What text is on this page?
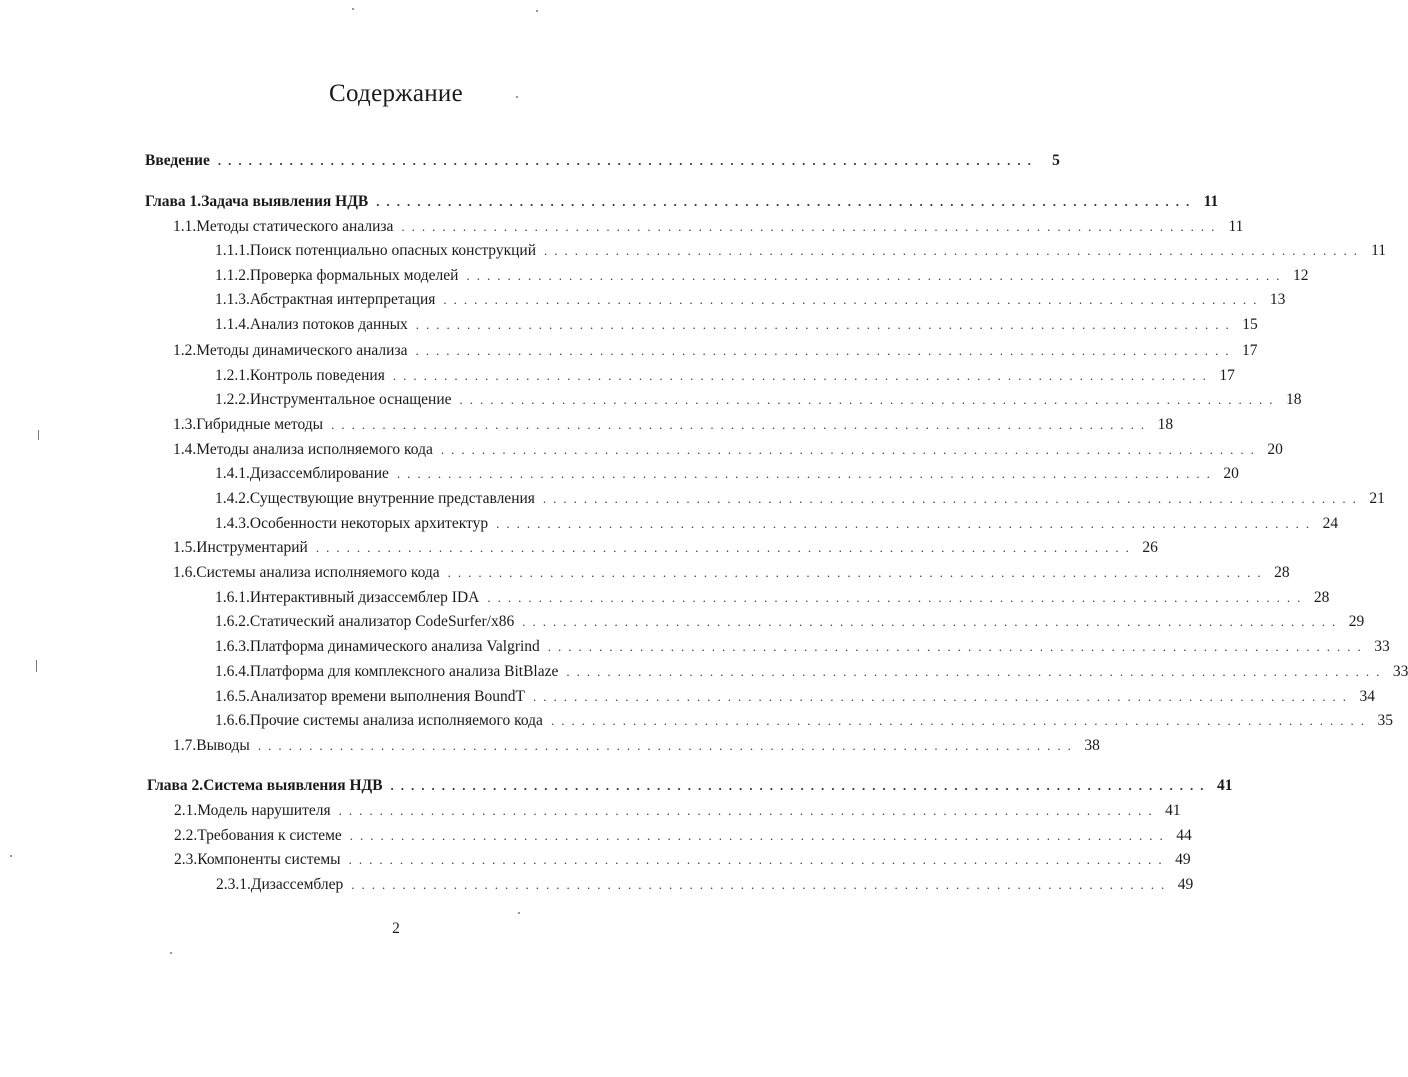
Содержание
Введение ................................................................................ 5
Глава 1. Задача выявления НДВ ................................................................................ 11
1.1. Методы статического анализа ................................................................................ 11
1.1.1. Поиск потенциально опасных конструкций ................................................................................ 11
1.1.2. Проверка формальных моделей ................................................................................ 12
1.1.3. Абстрактная интерпретация ................................................................................ 13
1.1.4. Анализ потоков данных ................................................................................ 15
1.2. Методы динамического анализа ................................................................................ 17
1.2.1. Контроль поведения ................................................................................ 17
1.2.2. Инструментальное оснащение ................................................................................ 18
1.3. Гибридные методы ................................................................................ 18
1.4. Методы анализа исполняемого кода ................................................................................ 20
1.4.1. Дизассемблирование ................................................................................ 20
1.4.2. Существующие внутренние представления ................................................................................ 21
1.4.3. Особенности некоторых архитектур ................................................................................ 24
1.5. Инструментарий ................................................................................ 26
1.6. Системы анализа исполняемого кода ................................................................................ 28
1.6.1. Интерактивный дизассемблер IDA ................................................................................ 28
1.6.2. Статический анализатор CodeSurfer/x86 ................................................................................ 29
1.6.3. Платформа динамического анализа Valgrind ................................................................................ 33
1.6.4. Платформа для комплексного анализа BitBlaze ................................................................................ 33
1.6.5. Анализатор времени выполнения BoundT ................................................................................ 34
1.6.6. Прочие системы анализа исполняемого кода ................................................................................ 35
1.7. Выводы ................................................................................ 38
Глава 2. Система выявления НДВ ................................................................................ 41
2.1. Модель нарушителя ................................................................................ 41
2.2. Требования к системе ................................................................................ 44
2.3. Компоненты системы ................................................................................ 49
2.3.1. Дизассемблер ................................................................................ 49
2
